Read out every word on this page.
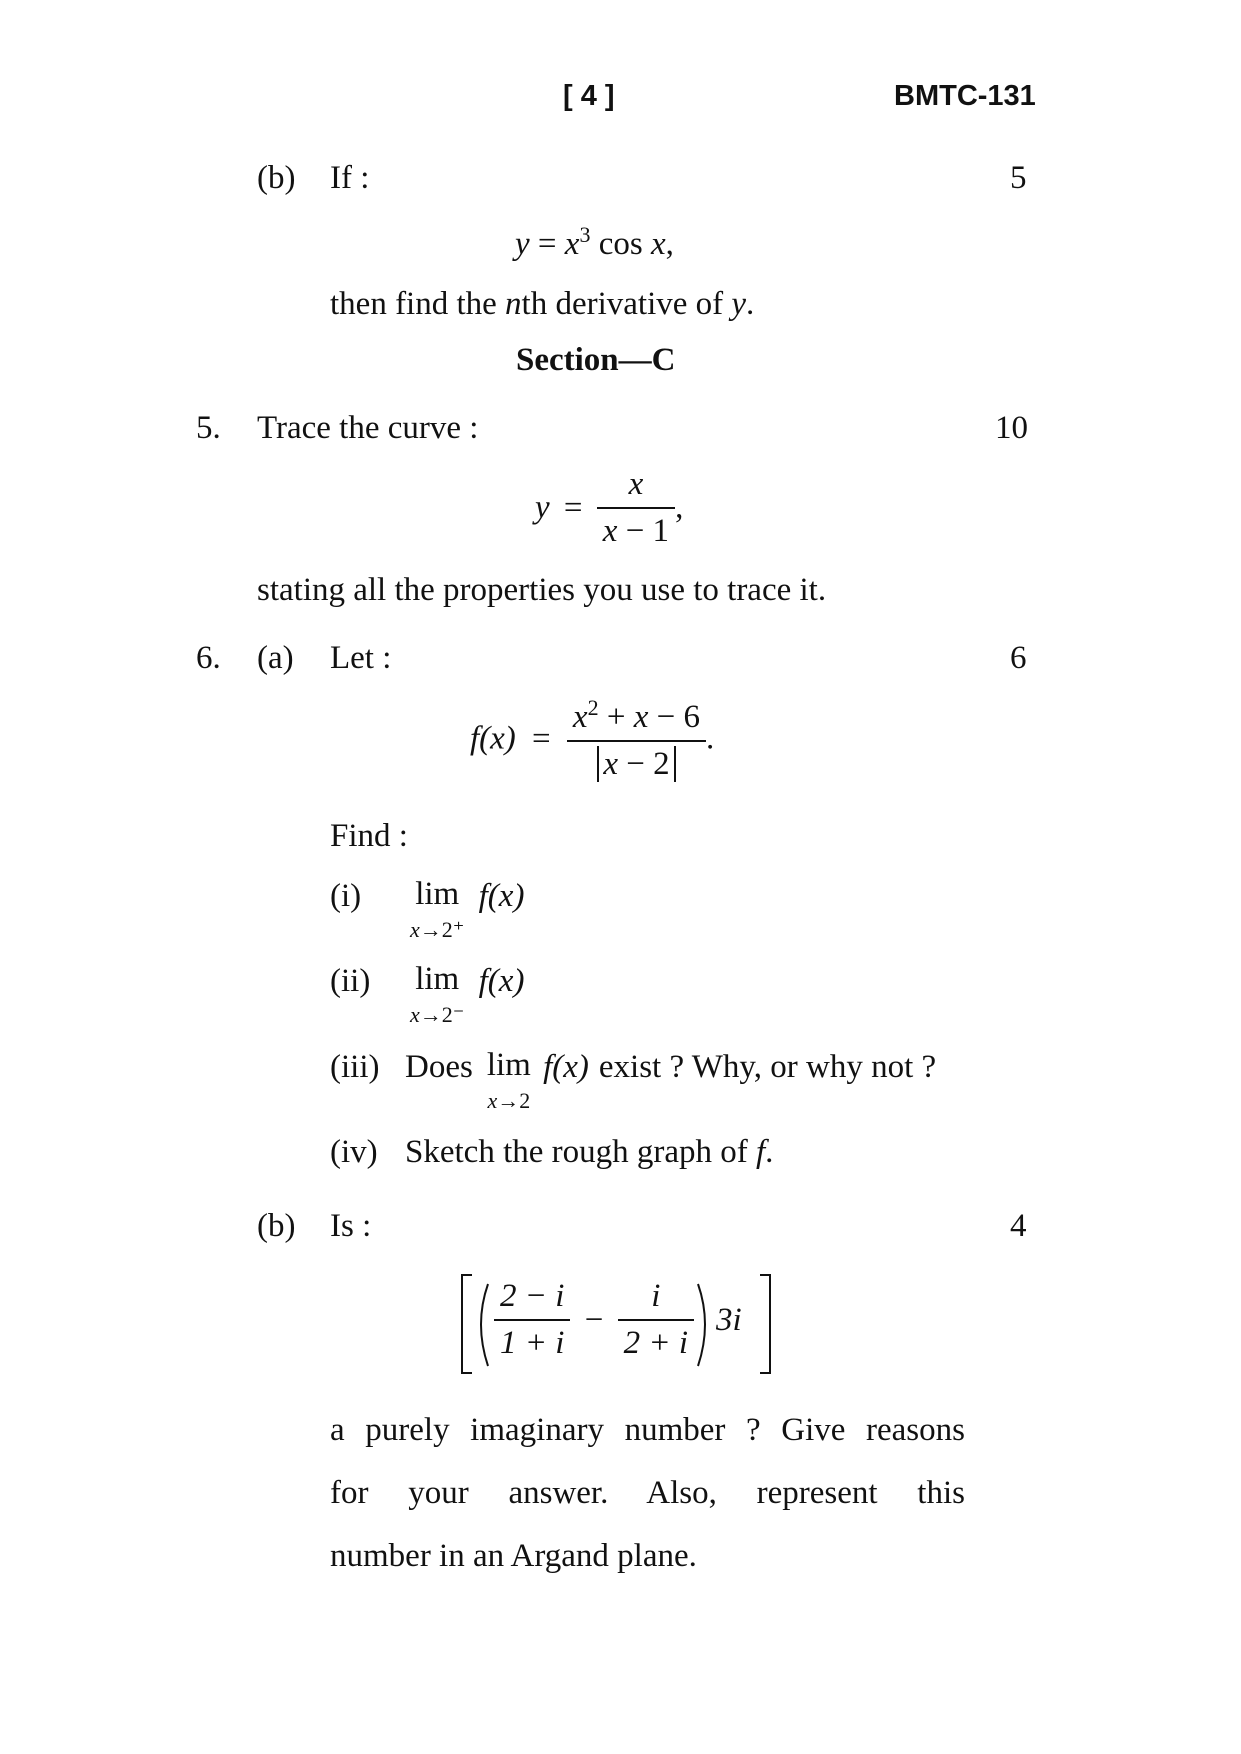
[ 4 ]	BMTC-131
(b) If :	5
$y = x^3$ cos x,
then find the nth derivative of y.
Section—C
5. Trace the curve :	10
$y = \frac{x}{x - 1}$ ,
stating all the properties you use to trace it.
6. (a) Let :	6
$f(x) = \frac{x^2 + x - 6}{x - 2}$ .
Find :
(i) lim
x→2⁺
f(x)
(ii) lim
x→2⁻
f(x)
(iii) Does lim
x→2
f(x) exist ? Why, or why not ?
(iv) Sketch the rough graph of f.
(b) Is :	4
$\frac{2 - i}{1 + i} - \frac{i}{2 + i} 3i$
a purely imaginary number ? Give reasons
for your answer. Also, represent this
number in an Argand plane.
